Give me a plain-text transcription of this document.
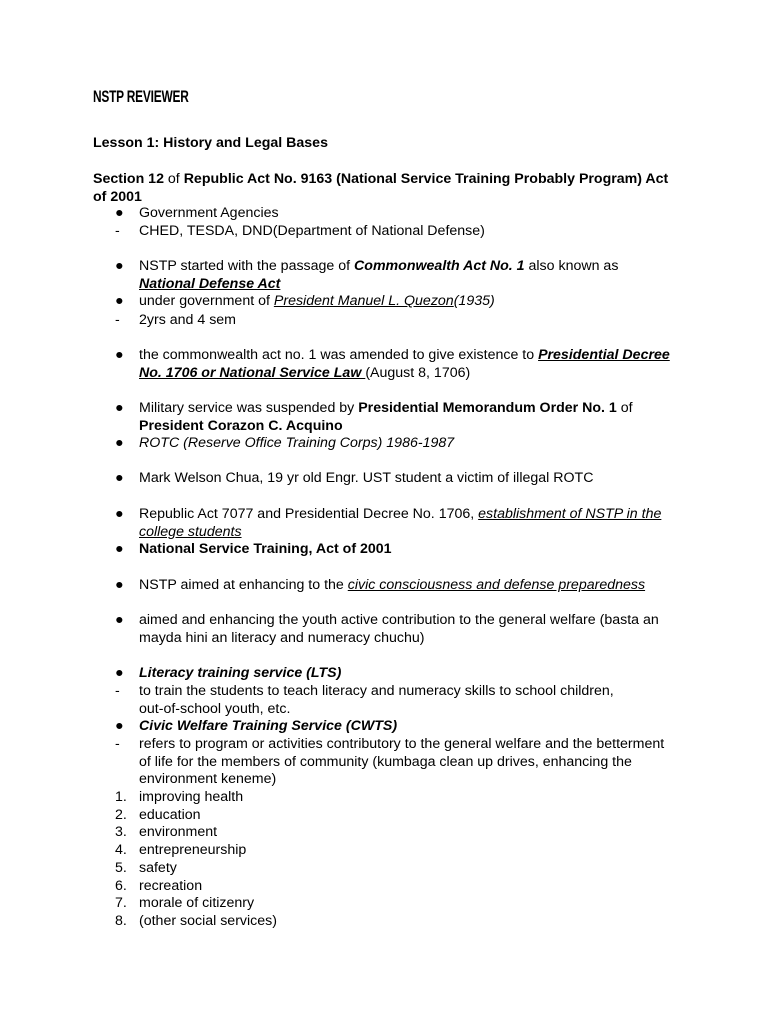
NSTP REVIEWER
Lesson 1: History and Legal Bases
Section 12 of Republic Act No. 9163 (National Service Training Probably Program) Act of 2001
● Government Agencies
- CHED, TESDA, DND(Department of National Defense)
● NSTP started with the passage of Commonwealth Act No. 1 also known as
National Defense Act
● under government of President Manuel L. Quezon(1935)
- 2yrs and 4 sem
● the commonwealth act no. 1 was amended to give existence to Presidential Decree No. 1706 or National Service Law (August 8, 1706)
● Military service was suspended by Presidential Memorandum Order No. 1 of
President Corazon C. Acquino
● ROTC (Reserve Office Training Corps) 1986-1987
● Mark Welson Chua, 19 yr old Engr. UST student a victim of illegal ROTC
● Republic Act 7077 and Presidential Decree No. 1706, establishment of NSTP in the college students
● National Service Training, Act of 2001
● NSTP aimed at enhancing to the civic consciousness and defense preparedness
● aimed and enhancing the youth active contribution to the general welfare (basta an mayda hini an literacy and numeracy chuchu)
● Literacy training service (LTS)
- to train the students to teach literacy and numeracy skills to school children, out-of-school youth, etc.
● Civic Welfare Training Service (CWTS)
- refers to program or activities contributory to the general welfare and the betterment of life for the members of community (kumbaga clean up drives, enhancing the environment keneme)
1. improving health
2. education
3. environment
4. entrepreneurship
5. safety
6. recreation
7. morale of citizenry
8. (other social services)
